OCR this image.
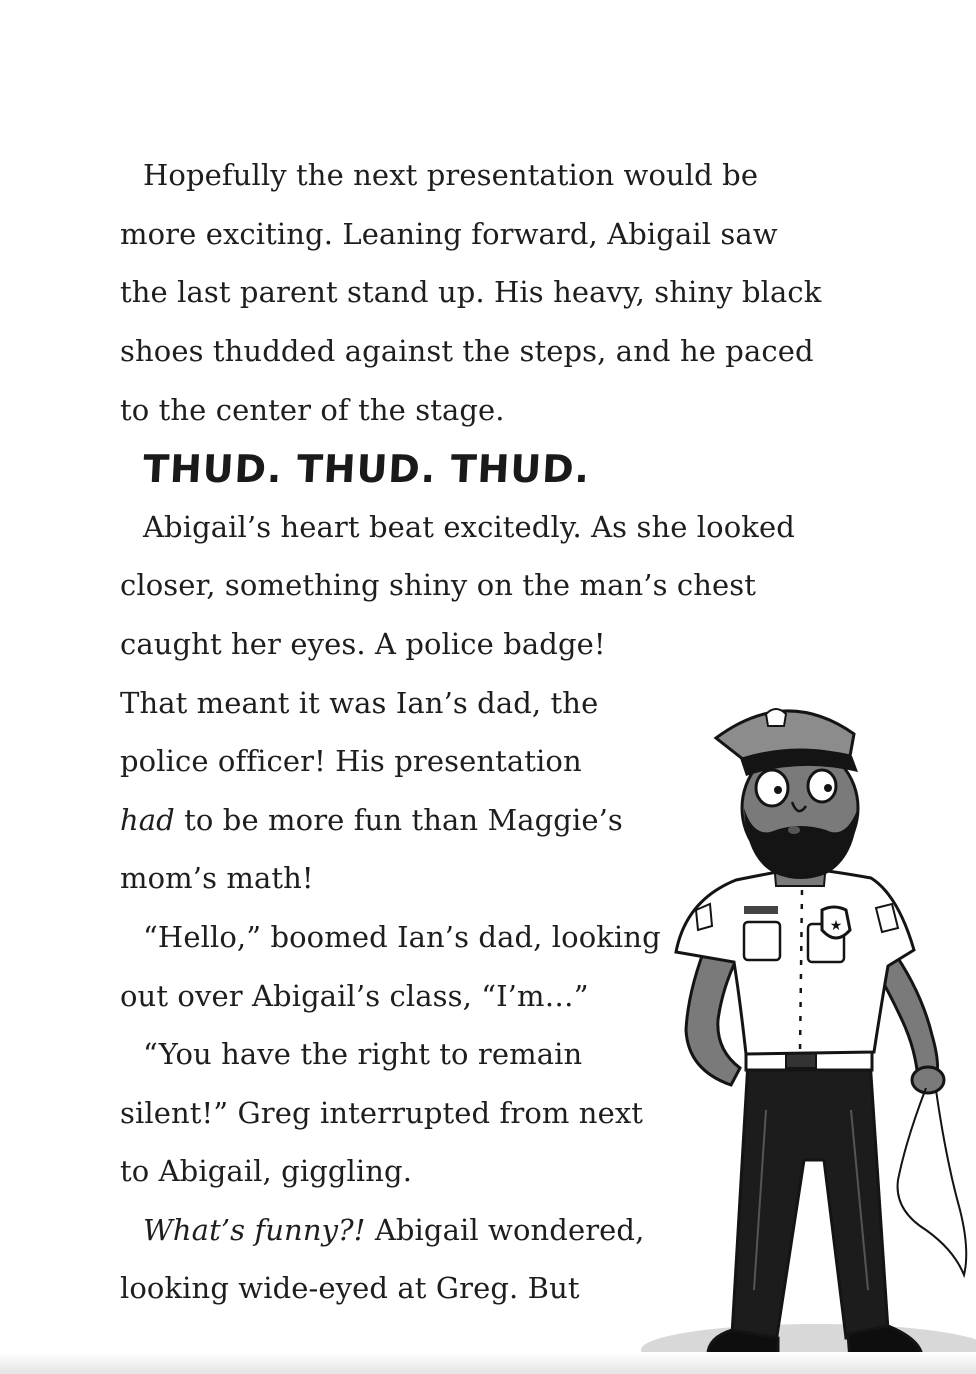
Hopefully the next presentation would be
more exciting. Leaning forward, Abigail saw
the last parent stand up. His heavy, shiny black
shoes thudded against the steps, and he paced
to the center of the stage.
THUD. THUD. THUD.
Abigail’s heart beat excitedly. As she looked
closer, something shiny on the man’s chest
caught her eyes. A police badge!
That meant it was Ian’s dad, the
police officer! His presentation
had to be more fun than Maggie’s
mom’s math!
“Hello,” boomed Ian’s dad, looking
out over Abigail’s class, “I’m…”
“You have the right to remain
silent!” Greg interrupted from next
to Abigail, giggling.
What’s funny?! Abigail wondered,
looking wide-eyed at Greg. But
★
